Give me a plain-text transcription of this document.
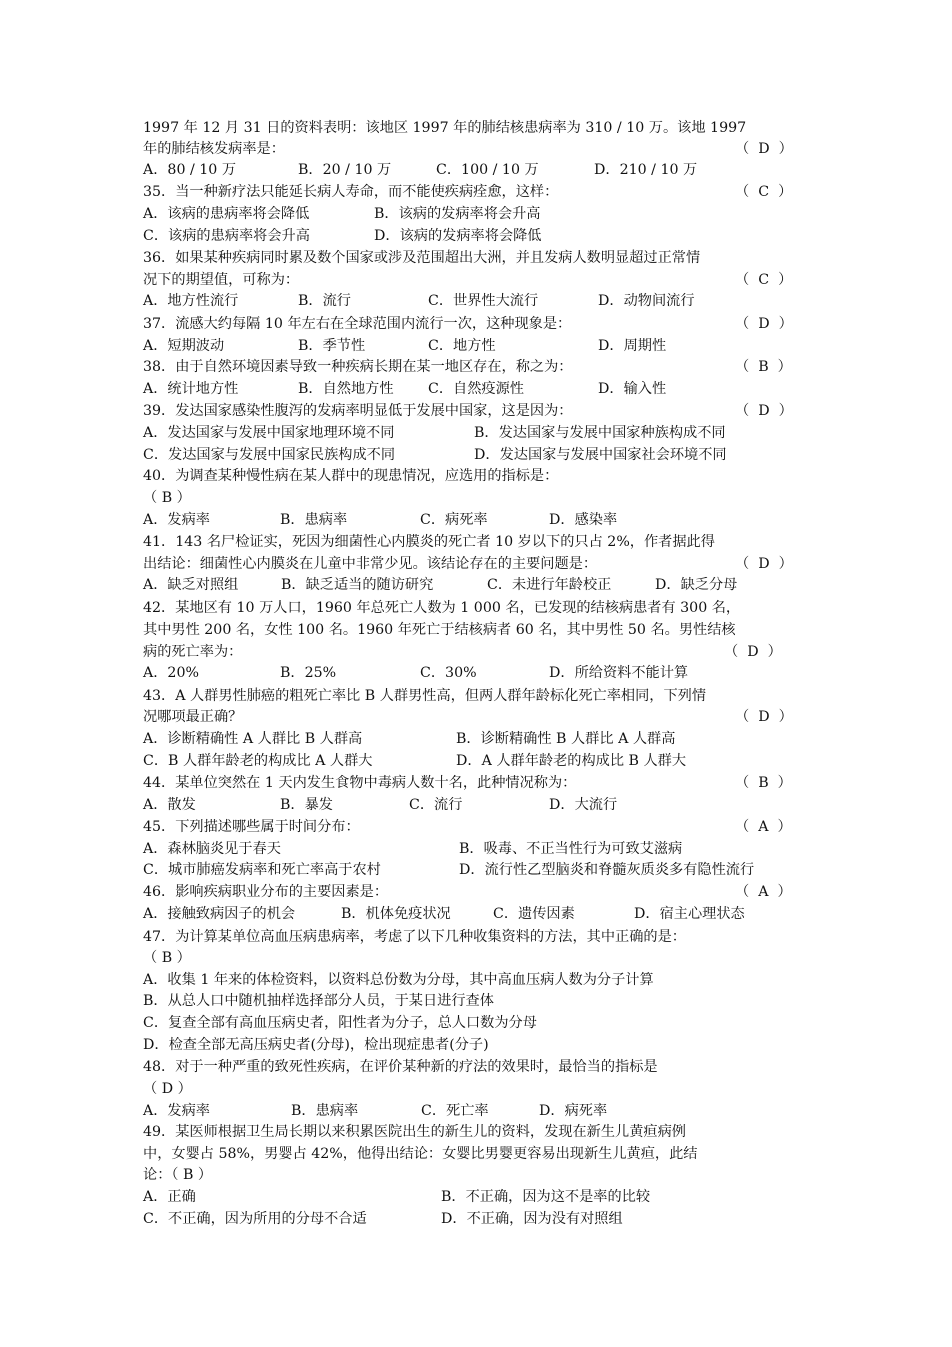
1997 年 12 月 31 日的资料表明：该地区 1997 年的肺结核患病率为 310 / 10 万。该地 1997
年的肺结核发病率是：	（  D  ）
A．80 / 10 万	B．20 / 10 万	C．100 / 10 万	D．210 / 10 万
35．当一种新疗法只能延长病人寿命，而不能使疾病痊愈，这样：	（  C  ）
A．该病的患病率将会降低	B．该病的发病率将会升高
C．该病的患病率将会升高	D．该病的发病率将会降低
36．如果某种疾病同时累及数个国家或涉及范围超出大洲，并且发病人数明显超过正常情
况下的期望值，可称为：	（  C  ）
A．地方性流行	B．流行	C．世界性大流行	D．动物间流行
37．流感大约每隔 10 年左右在全球范围内流行一次，这种现象是：	（  D  ）
A．短期波动	B．季节性	C．地方性	D．周期性
38．由于自然环境因素导致一种疾病长期在某一地区存在，称之为：	（  B  ）
A．统计地方性	B．自然地方性 C．自然疫源性	D．输入性
39．发达国家感染性腹泻的发病率明显低于发展中国家，这是因为：	（  D  ）
A．发达国家与发展中国家地理环境不同	B．发达国家与发展中国家种族构成不同
C．发达国家与发展中国家民族构成不同	D．发达国家与发展中国家社会环境不同
40．为调查某种慢性病在某人群中的现患情况，应选用的指标是：
（ B ）
A．发病率	B．患病率	C．病死率	D．感染率
41．143 名尸检证实，死因为细菌性心内膜炎的死亡者 10 岁以下的只占 2%，作者据此得
出结论：细菌性心内膜炎在儿童中非常少见。该结论存在的主要问题是：	（  D  ）
A．缺乏对照组	B．缺乏适当的随访研究	C．未进行年龄校正	D．缺乏分母
42．某地区有 10 万人口，1960 年总死亡人数为 1 000 名，已发现的结核病患者有 300 名，
其中男性 200 名，女性 100 名。1960 年死亡于结核病者 60 名，其中男性 50 名。男性结核
病的死亡率为：	（  D  ）
A．20%	B．25%	C．30%	D．所给资料不能计算
43．A 人群男性肺癌的粗死亡率比 B 人群男性高，但两人群年龄标化死亡率相同，下列情
况哪项最正确？	（  D  ）
A．诊断精确性 A 人群比 B 人群高	B．诊断精确性 B 人群比 A 人群高
C．B 人群年龄老的构成比 A 人群大	D．A 人群年龄老的构成比 B 人群大
44．某单位突然在 1 天内发生食物中毒病人数十名，此种情况称为：	（  B  ）
A．散发	B．暴发	C．流行	D．大流行
45．下列描述哪些属于时间分布：	（  A  ）
A．森林脑炎见于春天	B．吸毒、不正当性行为可致艾滋病
C．城市肺癌发病率和死亡率高于农村	D．流行性乙型脑炎和脊髓灰质炎多有隐性流行
46．影响疾病职业分布的主要因素是：	（  A  ）
A．接触致病因子的机会	B．机体免疫状况	C．遗传因素	D．宿主心理状态
47．为计算某单位高血压病患病率，考虑了以下几种收集资料的方法，其中正确的是：
（ B ）
A．收集 1 年来的体检资料，以资料总份数为分母，其中高血压病人数为分子计算
B．从总人口中随机抽样选择部分人员，于某日进行查体
C．复查全部有高血压病史者，阳性者为分子，总人口数为分母
D．检查全部无高压病史者(分母)，检出现症患者(分子)
48．对于一种严重的致死性疾病，在评价某种新的疗法的效果时，最恰当的指标是
（ D ）
A．发病率	B．患病率	C．死亡率	D．病死率
49．某医师根据卫生局长期以来积累医院出生的新生儿的资料，发现在新生儿黄疸病例
中，女婴占 58%，男婴占 42%，他得出结论：女婴比男婴更容易出现新生儿黄疸，此结
论：（ B ）
A．正确	B．不正确，因为这不是率的比较
C．不正确，因为所用的分母不合适	D．不正确，因为没有对照组
